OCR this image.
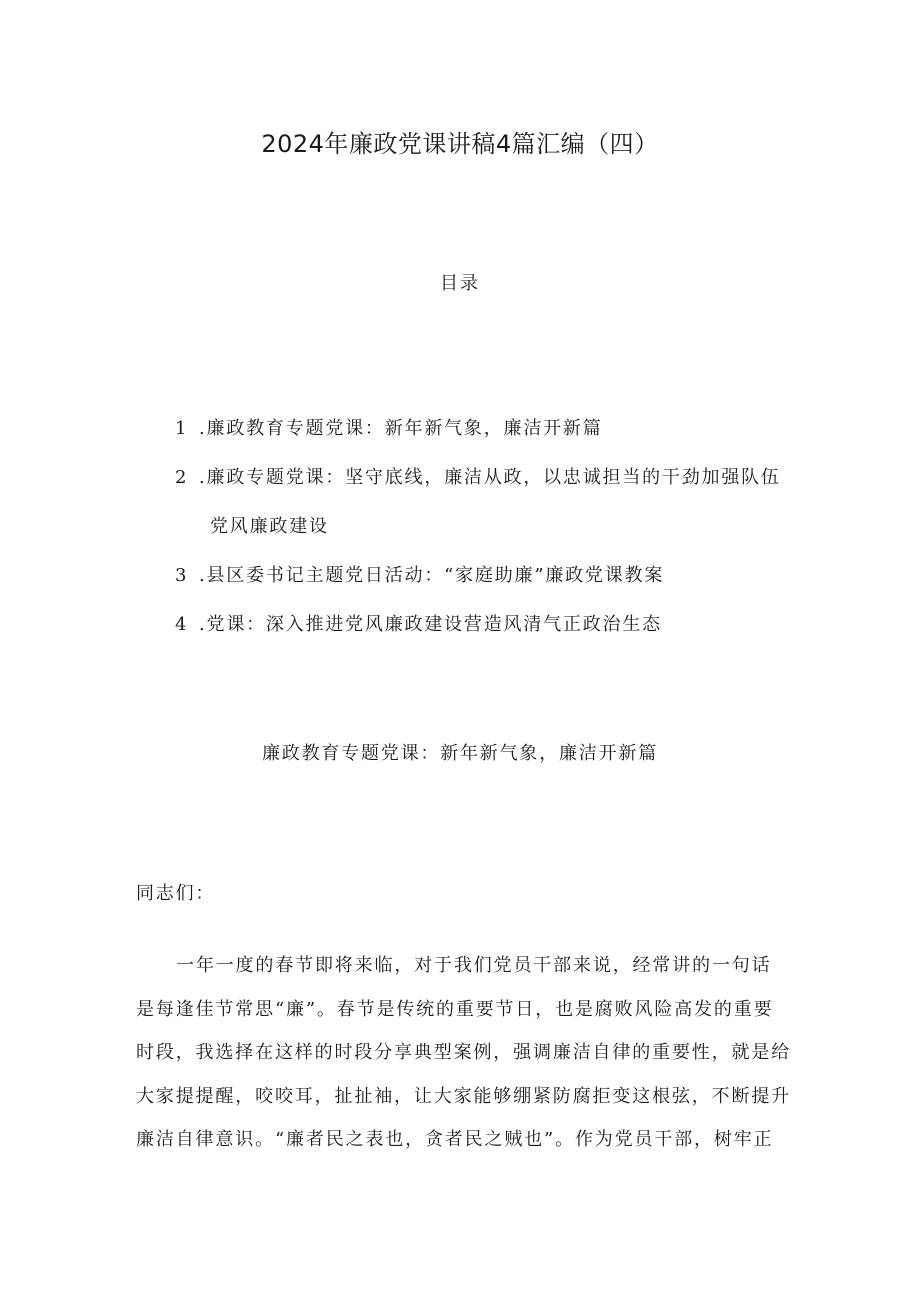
2024年廉政党课讲稿4篇汇编（四）
目录
1 .廉政教育专题党课：新年新气象，廉洁开新篇
2 .廉政专题党课：坚守底线，廉洁从政，以忠诚担当的干劲加强队伍
党风廉政建设
3 .县区委书记主题党日活动：“家庭助廉”廉政党课教案
4 .党课：深入推进党风廉政建设营造风清气正政治生态
廉政教育专题党课：新年新气象，廉洁开新篇
同志们：
一年一度的春节即将来临，对于我们党员干部来说，经常讲的一句话
是每逢佳节常思“廉”。春节是传统的重要节日，也是腐败风险高发的重要
时段，我选择在这样的时段分享典型案例，强调廉洁自律的重要性，就是给
大家提提醒，咬咬耳，扯扯袖，让大家能够绷紧防腐拒变这根弦，不断提升
廉洁自律意识。“廉者民之表也，贪者民之贼也”。作为党员干部，树牢正
